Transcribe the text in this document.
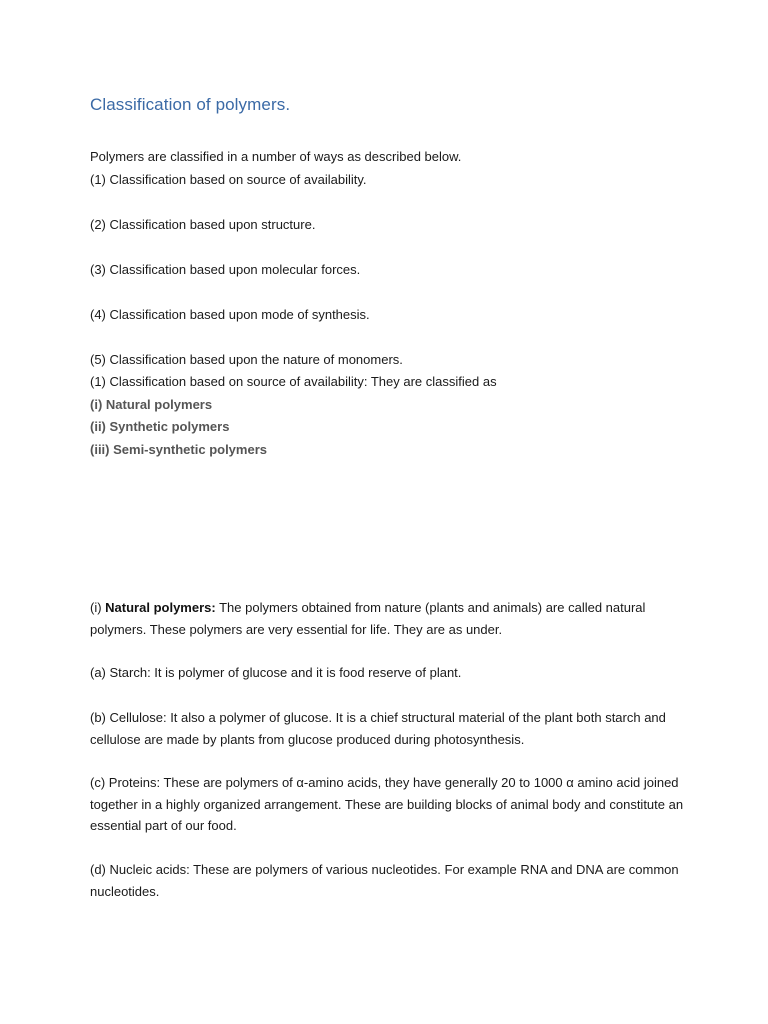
Classification of polymers.

Polymers are classified in a number of ways as described below.

(1) Classification based on source of availability.

(2) Classification based upon structure.

(3) Classification based upon molecular forces.

(4) Classification based upon mode of synthesis.

(5) Classification based upon the nature of monomers.

(1) Classification based on source of availability: They are classified as

(i) Natural polymers

(ii) Synthetic polymers

(iii) Semi-synthetic polymers

(i) Natural polymers: The polymers obtained from nature (plants and animals) are called natural polymers. These polymers are very essential for life. They are as under.

(a) Starch: It is polymer of glucose and it is food reserve of plant.

(b) Cellulose: It also a polymer of glucose. It is a chief structural material of the plant both starch and cellulose are made by plants from glucose produced during photosynthesis.

(c) Proteins: These are polymers of α-amino acids, they have generally 20 to 1000 α amino acid joined together in a highly organized arrangement. These are building blocks of animal body and constitute an essential part of our food.

(d) Nucleic acids: These are polymers of various nucleotides. For example RNA and DNA are common nucleotides.
